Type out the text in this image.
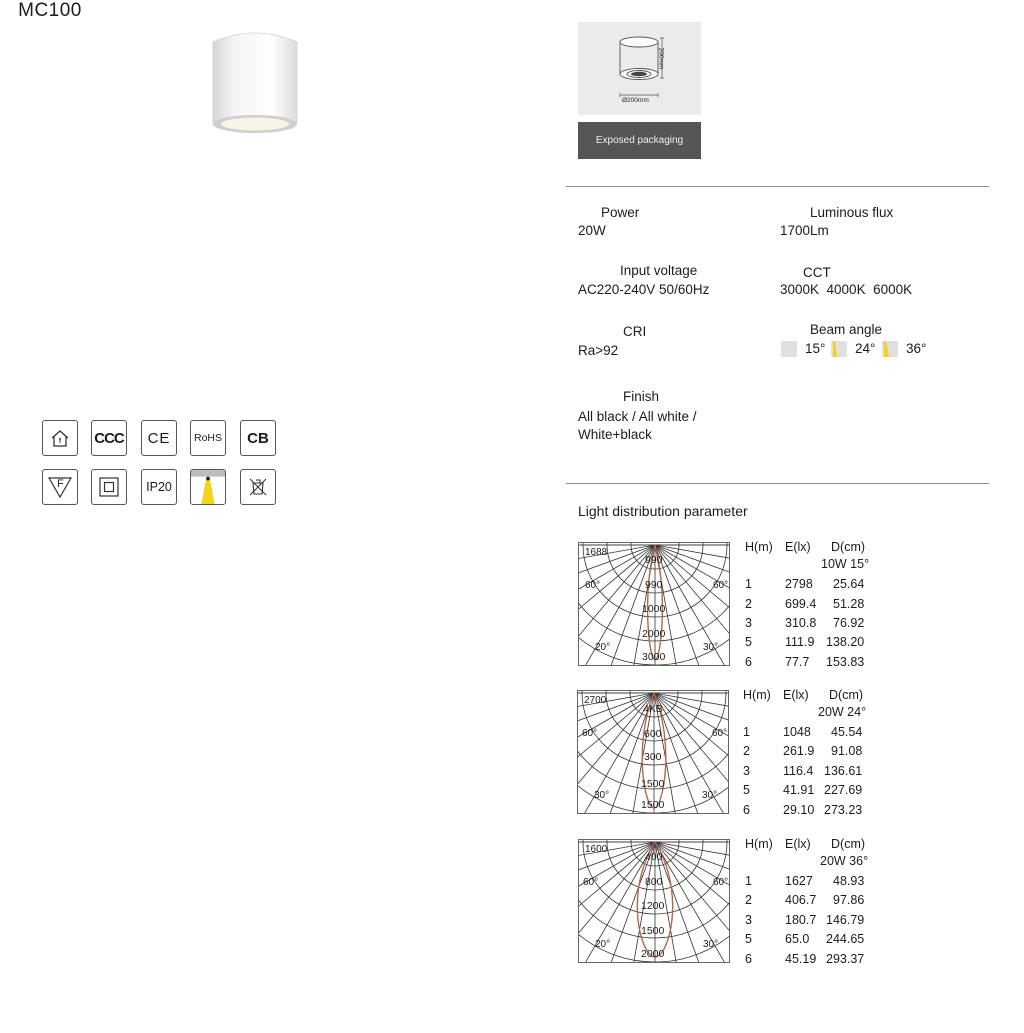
MC100
CCC CE RoHS CB
F	IP20
200mm
Ø200mm
Exposed packaging
Power
20W
Luminous flux
1700Lm
Input voltage
AC220-240V 50/60Hz
CCT
3000K  4000K  6000K
CRI
Ra>92
Beam angle
15° 24° 36°
Finish
All black / All white /
White+black
Light distribution parameter
1688
60°	60°
20°	30°
990
990
1000
2000
3000
2700
60°	60°
30°	30°
4KB
600
300
1500
1500
1600
60°	60°
20°	30°
400
800
1200
1500
2000
H(m) E(lx) D(cm)
10W 15°
1	2798 25.64
2	699.4 51.28
3	310.8 76.92
5	111.9 138.20
6	77.7 153.83
H(m) E(lx) D(cm)
20W 24°
1	1048 45.54
2	261.9 91.08
3	116.4 136.61
5	41.91 227.69
6	29.10 273.23
H(m) E(lx) D(cm)
20W 36°
1	1627 48.93
2	406.7 97.86
3	180.7 146.79
5	65.0 244.65
6	45.19 293.37
